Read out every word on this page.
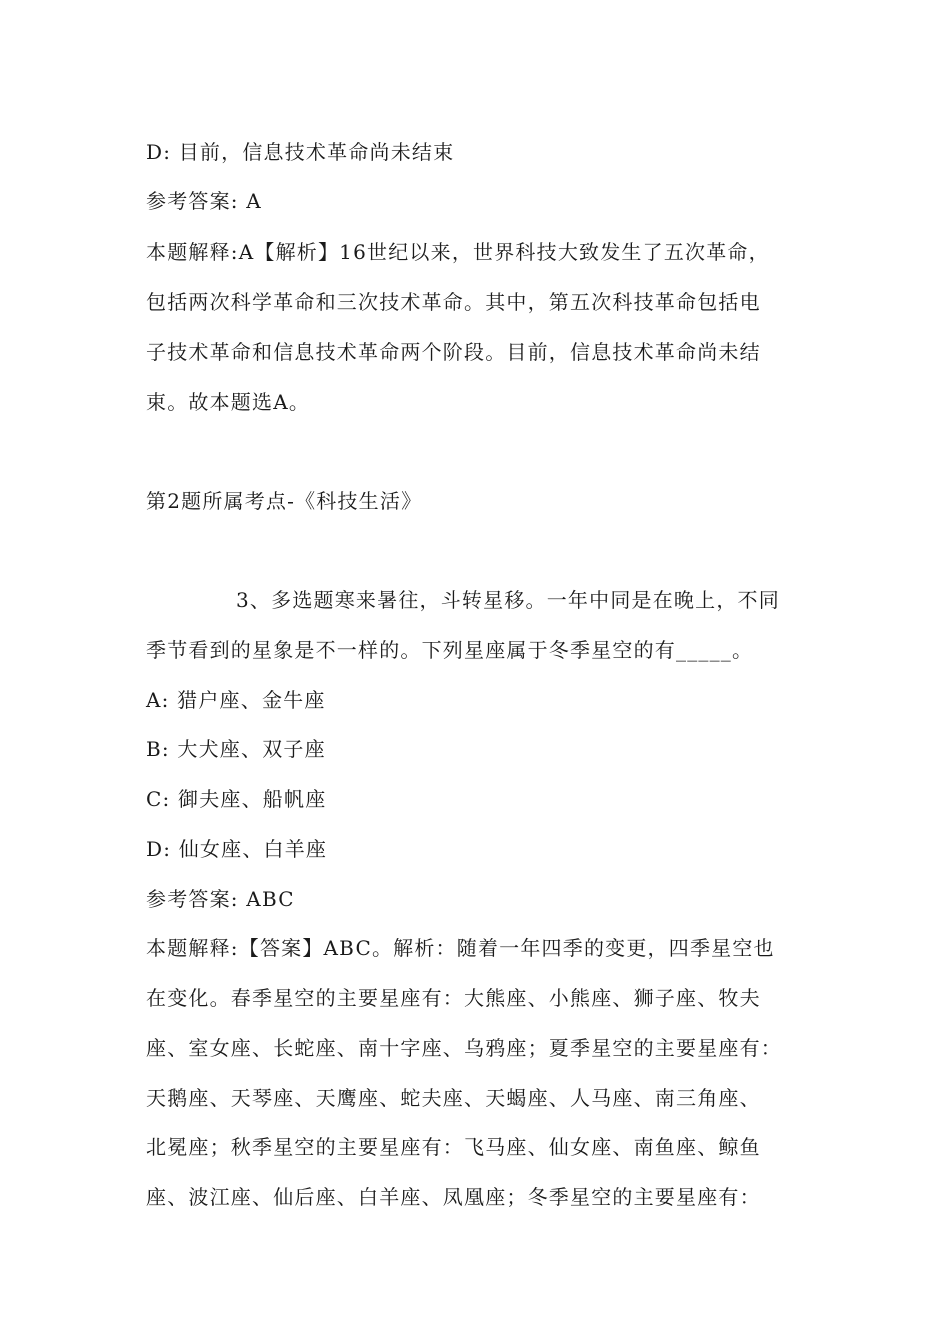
D: 目前，信息技术革命尚未结束
参考答案: A
本题解释:A【解析】16世纪以来，世界科技大致发生了五次革命，
包括两次科学革命和三次技术革命。其中，第五次科技革命包括电
子技术革命和信息技术革命两个阶段。目前，信息技术革命尚未结
束。故本题选A。
第2题所属考点-《科技生活》
3、多选题寒来暑往，斗转星移。一年中同是在晚上，不同
季节看到的星象是不一样的。下列星座属于冬季星空的有_____。
A: 猎户座、金牛座
B: 大犬座、双子座
C: 御夫座、船帆座
D: 仙女座、白羊座
参考答案: ABC
本题解释:【答案】ABC。解析：随着一年四季的变更，四季星空也
在变化。春季星空的主要星座有：大熊座、小熊座、狮子座、牧夫
座、室女座、长蛇座、南十字座、乌鸦座；夏季星空的主要星座有：
天鹅座、天琴座、天鹰座、蛇夫座、天蝎座、人马座、南三角座、
北冕座；秋季星空的主要星座有：飞马座、仙女座、南鱼座、鲸鱼
座、波江座、仙后座、白羊座、凤凰座；冬季星空的主要星座有：
